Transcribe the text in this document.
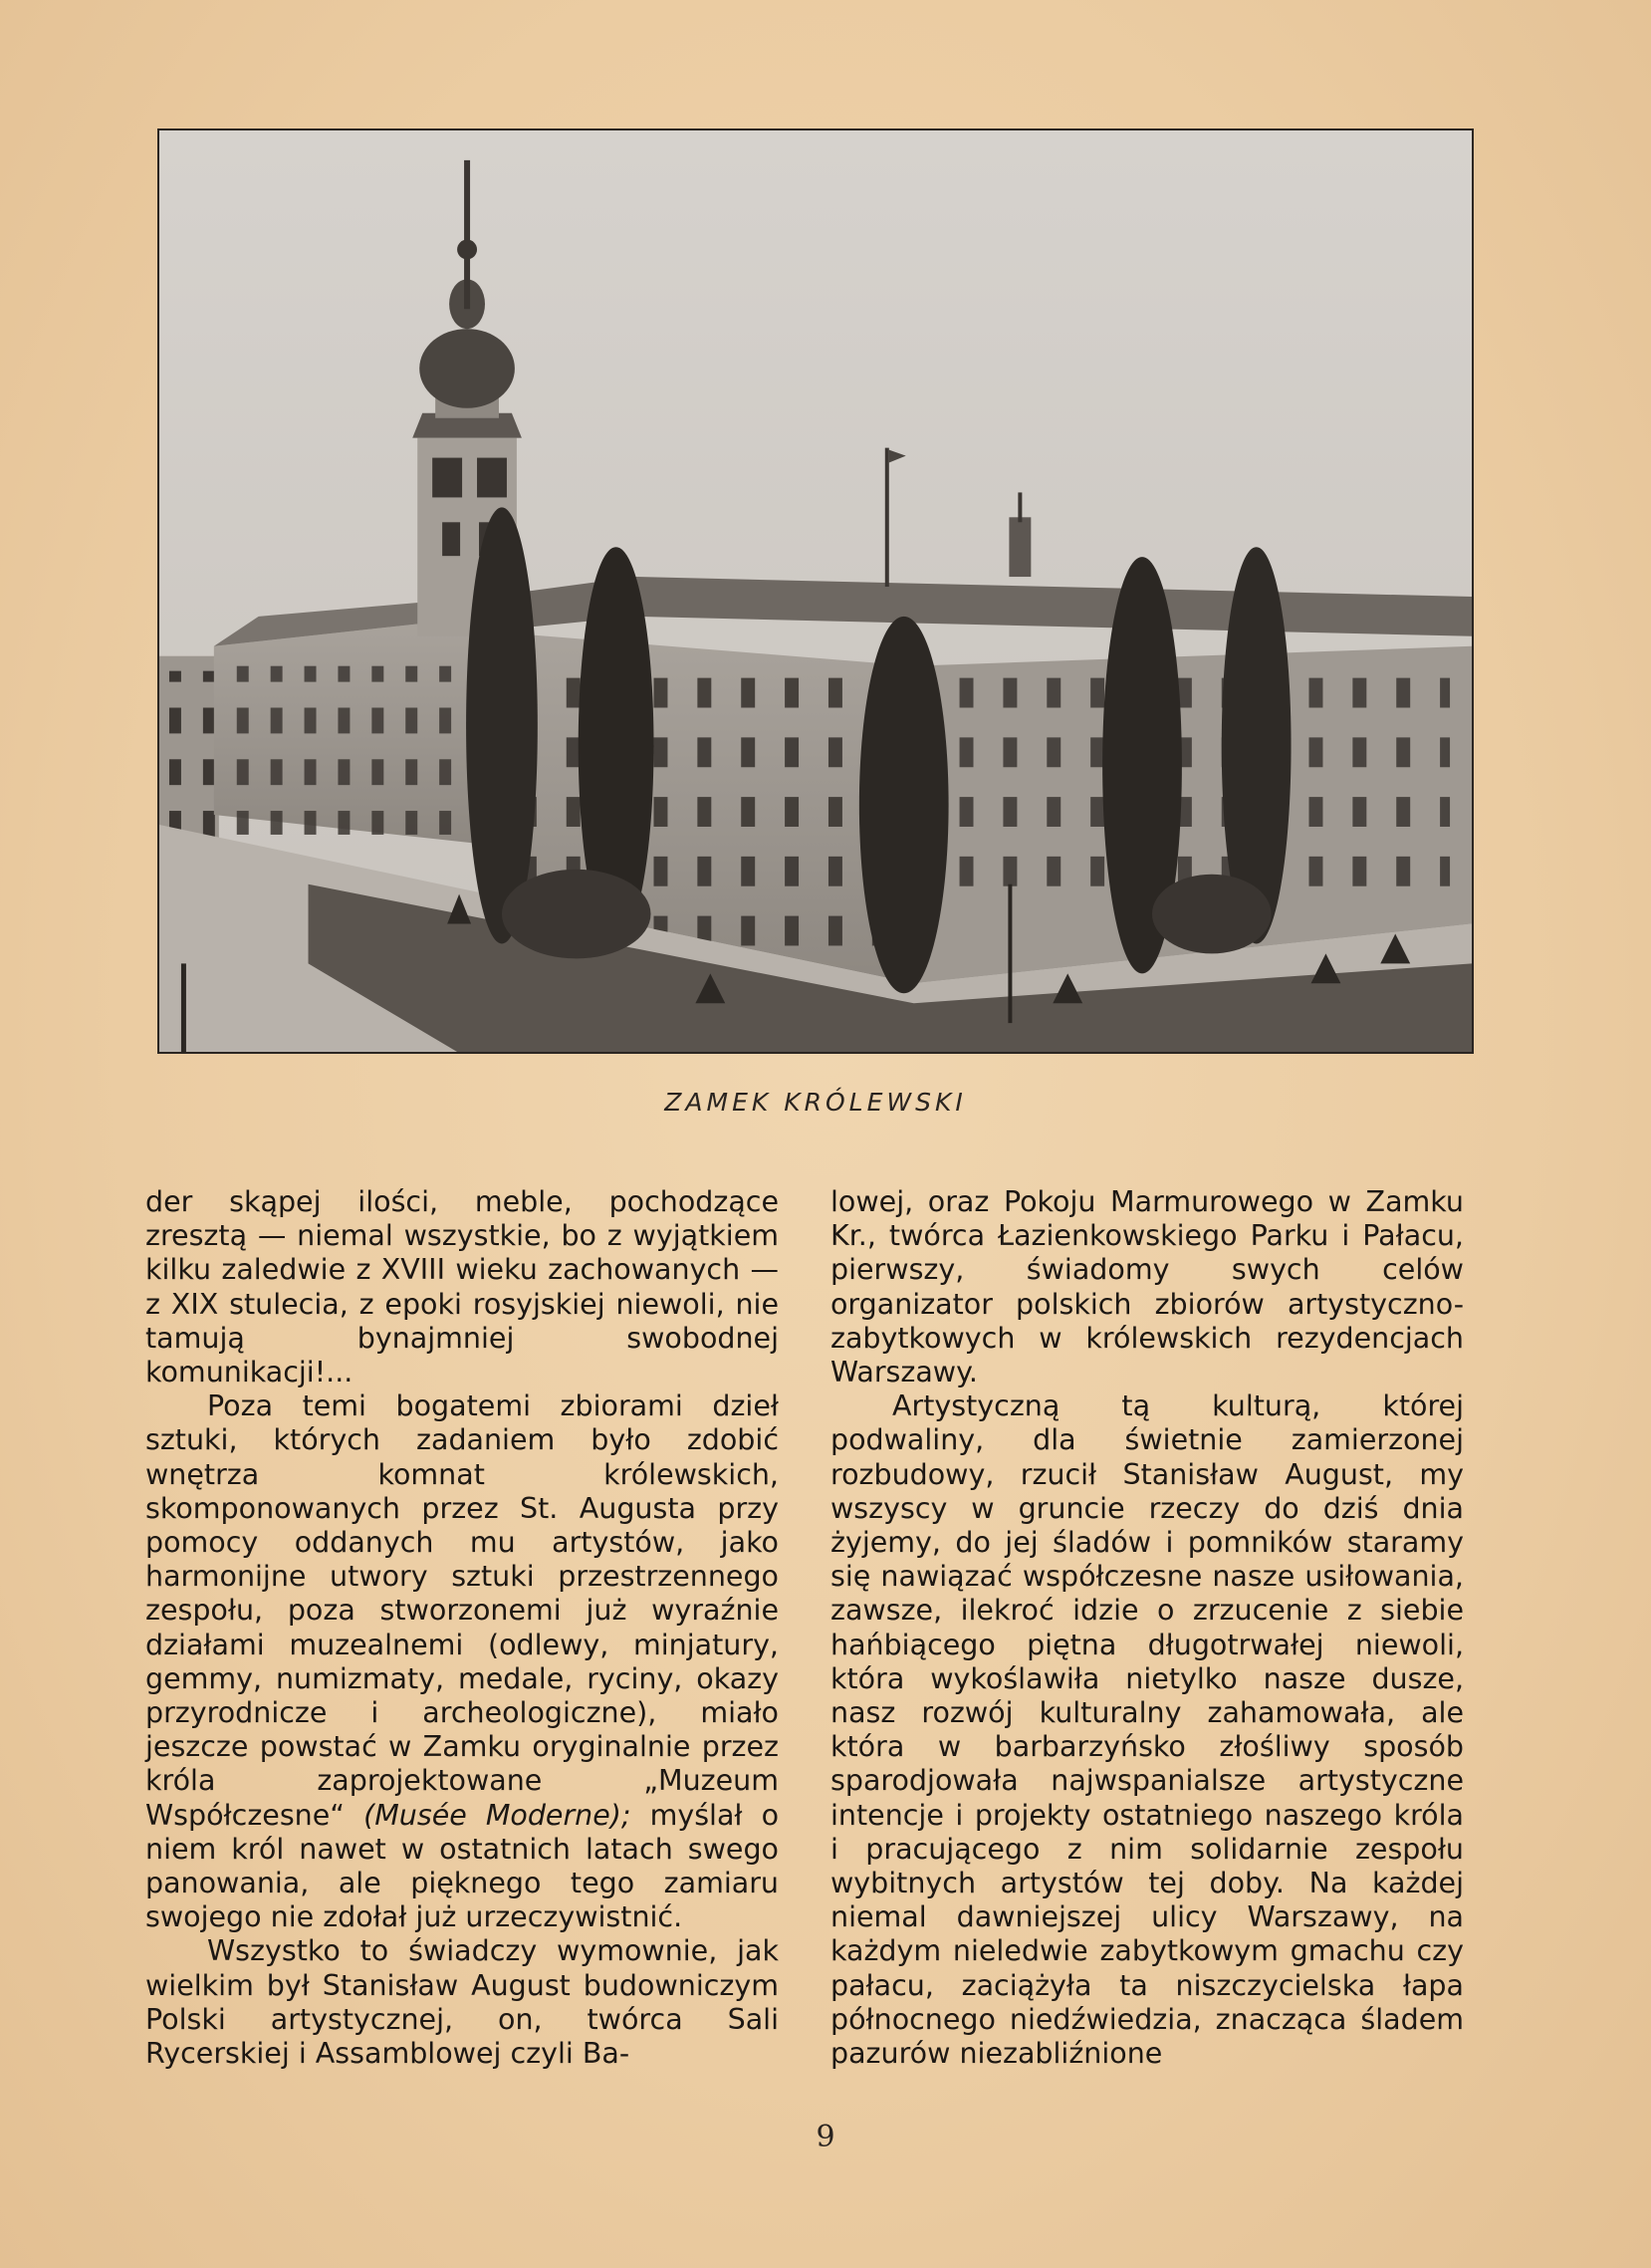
ZAMEK KRÓLEWSKI

der skąpej ilości, meble, pochodzące zresztą — niemal wszystkie, bo z wyjątkiem kilku zaledwie z XVIII wieku zachowanych — z XIX stulecia, z epoki rosyjskiej niewoli, nie tamują bynajmniej swobodnej komunikacji!...

Poza temi bogatemi zbiorami dzieł sztuki, których zadaniem było zdobić wnętrza komnat królewskich, skomponowanych przez St. Augusta przy pomocy oddanych mu artystów, jako harmonijne utwory sztuki przestrzennego zespołu, poza stworzonemi już wyraźnie działami muzealnemi (odlewy, minjatury, gemmy, numizmaty, medale, ryciny, okazy przyrodnicze i archeologiczne), miało jeszcze powstać w Zamku oryginalnie przez króla zaprojektowane „Muzeum Współczesne“ (Musée Moderne); myślał o niem król nawet w ostatnich latach swego panowania, ale pięknego tego zamiaru swojego nie zdołał już urzeczywistnić.

Wszystko to świadczy wymownie, jak wielkim był Stanisław August budowniczym Polski artystycznej, on, twórca Sali Rycerskiej i Assamblowej czyli Ba-

lowej, oraz Pokoju Marmurowego w Zamku Kr., twórca Łazienkowskiego Parku i Pałacu, pierwszy, świadomy swych celów organizator polskich zbiorów artystyczno-zabytkowych w królewskich rezydencjach Warszawy.

Artystyczną tą kulturą, której podwaliny, dla świetnie zamierzonej rozbudowy, rzucił Stanisław August, my wszyscy w gruncie rzeczy do dziś dnia żyjemy, do jej śladów i pomników staramy się nawiązać współczesne nasze usiłowania, zawsze, ilekroć idzie o zrzucenie z siebie hańbiącego piętna długotrwałej niewoli, która wykoślawiła nietylko nasze dusze, nasz rozwój kulturalny zahamowała, ale która w barbarzyńsko złośliwy sposób sparodjowała najwspanialsze artystyczne intencje i projekty ostatniego naszego króla i pracującego z nim solidarnie zespołu wybitnych artystów tej doby. Na każdej niemal dawniejszej ulicy Warszawy, na każdym nieledwie zabytkowym gmachu czy pałacu, zaciążyła ta niszczycielska łapa północnego niedźwiedzia, znacząca śladem pazurów niezabliźnione

9
